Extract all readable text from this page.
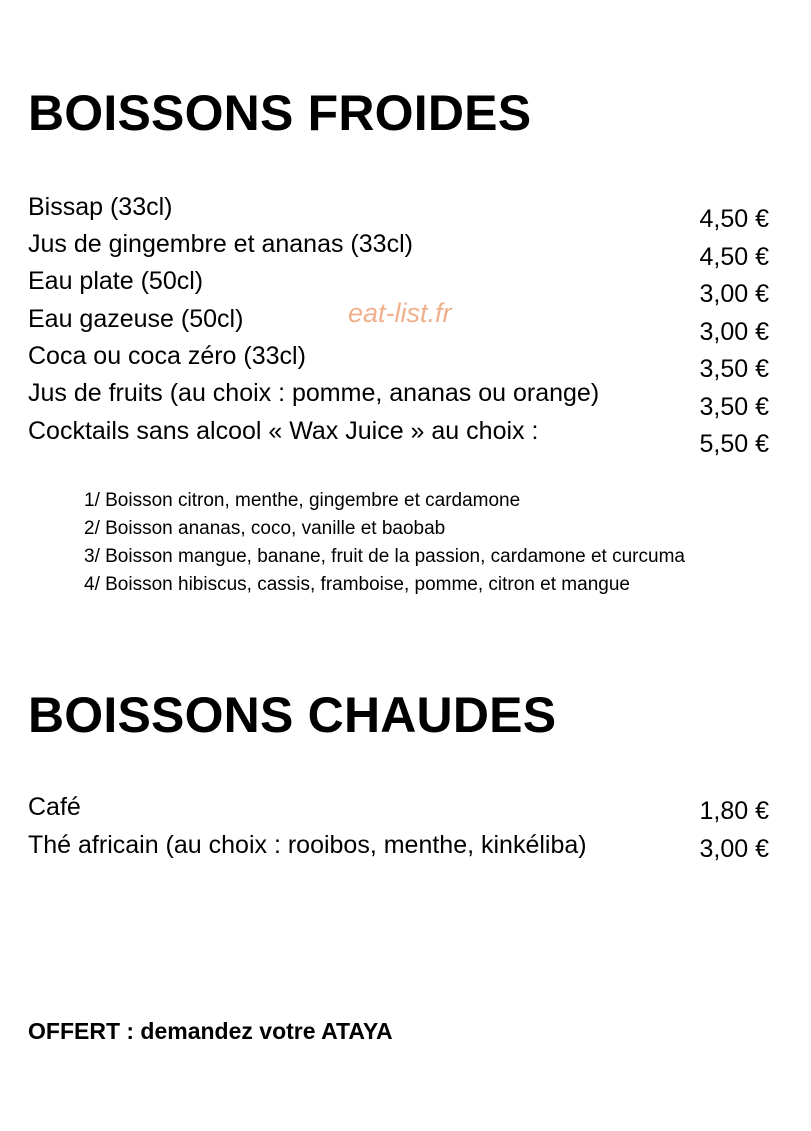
BOISSONS FROIDES
Bissap (33cl)
Jus de gingembre et ananas (33cl)
Eau plate (50cl)
Eau gazeuse (50cl)
Coca ou coca zéro (33cl)
Jus de fruits (au choix : pomme, ananas ou orange)
Cocktails sans alcool « Wax Juice » au choix :
4,50 €
4,50 €
3,00 €
3,00 €
3,50 €
3,50 €
5,50 €
eat-list.fr
1/ Boisson citron, menthe, gingembre et cardamone
2/ Boisson ananas, coco, vanille et baobab
3/ Boisson mangue, banane, fruit de la passion, cardamone et curcuma
4/ Boisson hibiscus, cassis, framboise, pomme, citron et mangue
BOISSONS CHAUDES
Café
Thé africain (au choix : rooibos, menthe, kinkéliba)
1,80 €
3,00 €
OFFERT : demandez votre ATAYA
